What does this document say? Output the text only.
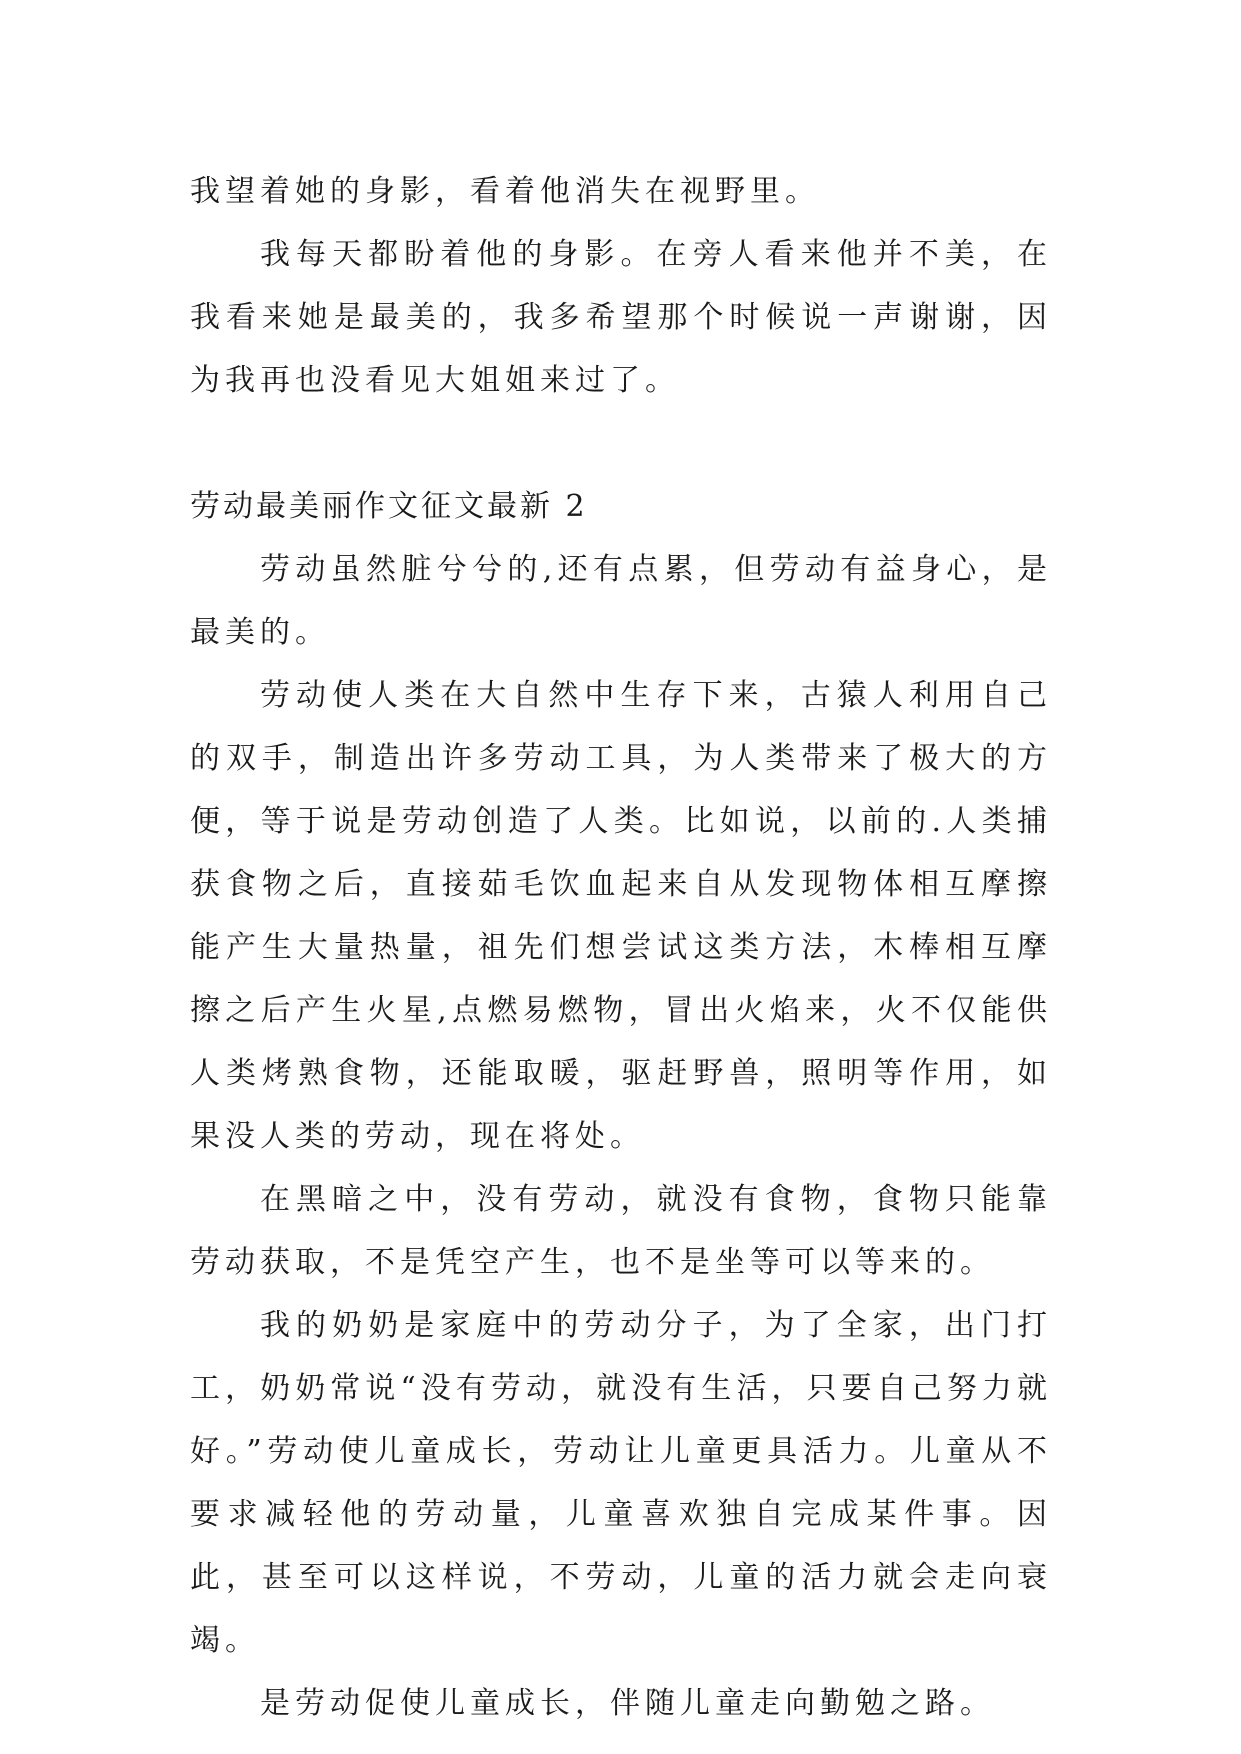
我望着她的身影，看着他消失在视野里。

我每天都盼着他的身影。在旁人看来他并不美，在我看来她是最美的，我多希望那个时候说一声谢谢，因为我再也没看见大姐姐来过了。

劳动最美丽作文征文最新 2

劳动虽然脏兮兮的,还有点累，但劳动有益身心，是最美的。

劳动使人类在大自然中生存下来，古猿人利用自己的双手，制造出许多劳动工具，为人类带来了极大的方便，等于说是劳动创造了人类。比如说，以前的.人类捕获食物之后，直接茹毛饮血起来自从发现物体相互摩擦能产生大量热量，祖先们想尝试这类方法，木棒相互摩擦之后产生火星,点燃易燃物，冒出火焰来，火不仅能供人类烤熟食物，还能取暖，驱赶野兽，照明等作用，如果没人类的劳动，现在将处。

在黑暗之中，没有劳动，就没有食物，食物只能靠劳动获取，不是凭空产生，也不是坐等可以等来的。

我的奶奶是家庭中的劳动分子，为了全家，出门打工，奶奶常说“没有劳动，就没有生活，只要自己努力就好。”劳动使儿童成长，劳动让儿童更具活力。儿童从不要求减轻他的劳动量，儿童喜欢独自完成某件事。因此，甚至可以这样说，不劳动，儿童的活力就会走向衰竭。

是劳动促使儿童成长，伴随儿童走向勤勉之路。
